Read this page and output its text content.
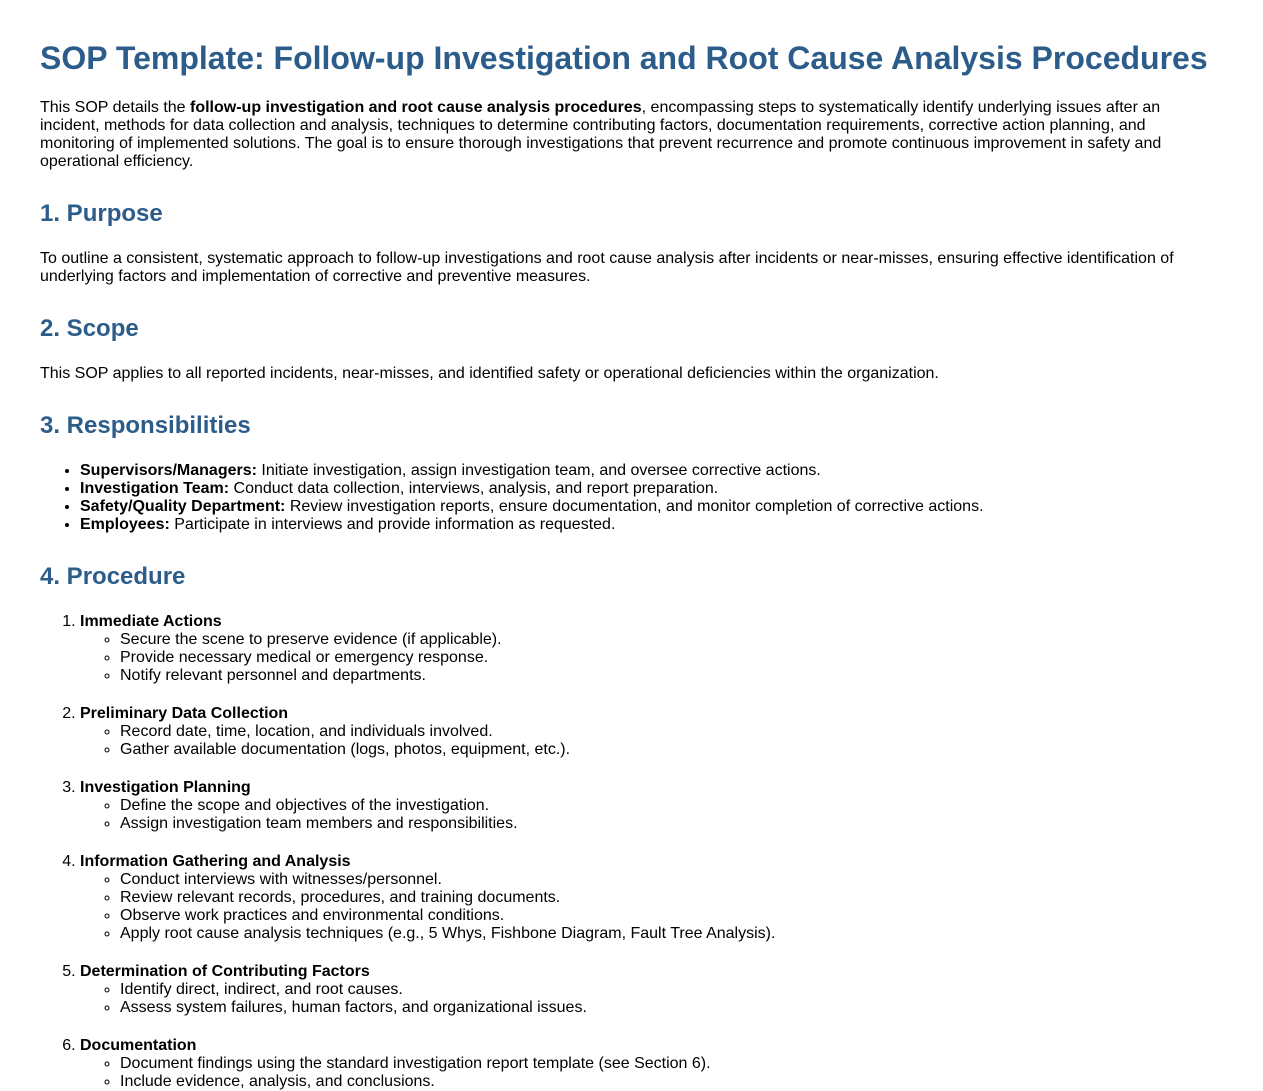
SOP Template: Follow-up Investigation and Root Cause Analysis Procedures

This SOP details the follow-up investigation and root cause analysis procedures, encompassing steps to systematically identify underlying issues after an incident, methods for data collection and analysis, techniques to determine contributing factors, documentation requirements, corrective action planning, and monitoring of implemented solutions. The goal is to ensure thorough investigations that prevent recurrence and promote continuous improvement in safety and operational efficiency.

1. Purpose

To outline a consistent, systematic approach to follow-up investigations and root cause analysis after incidents or near-misses, ensuring effective identification of underlying factors and implementation of corrective and preventive measures.

2. Scope

This SOP applies to all reported incidents, near-misses, and identified safety or operational deficiencies within the organization.

3. Responsibilities
• Supervisors/Managers: Initiate investigation, assign investigation team, and oversee corrective actions.
• Investigation Team: Conduct data collection, interviews, analysis, and report preparation.
• Safety/Quality Department: Review investigation reports, ensure documentation, and monitor completion of corrective actions.
• Employees: Participate in interviews and provide information as requested.
4. Procedure
1. Immediate Actions
◦ Secure the scene to preserve evidence (if applicable).
◦ Provide necessary medical or emergency response.
◦ Notify relevant personnel and departments.
2. Preliminary Data Collection
◦ Record date, time, location, and individuals involved.
◦ Gather available documentation (logs, photos, equipment, etc.).
3. Investigation Planning
◦ Define the scope and objectives of the investigation.
◦ Assign investigation team members and responsibilities.
4. Information Gathering and Analysis
◦ Conduct interviews with witnesses/personnel.
◦ Review relevant records, procedures, and training documents.
◦ Observe work practices and environmental conditions.
◦ Apply root cause analysis techniques (e.g., 5 Whys, Fishbone Diagram, Fault Tree Analysis).
5. Determination of Contributing Factors
◦ Identify direct, indirect, and root causes.
◦ Assess system failures, human factors, and organizational issues.
6. Documentation
◦ Document findings using the standard investigation report template (see Section 6).
◦ Include evidence, analysis, and conclusions.
